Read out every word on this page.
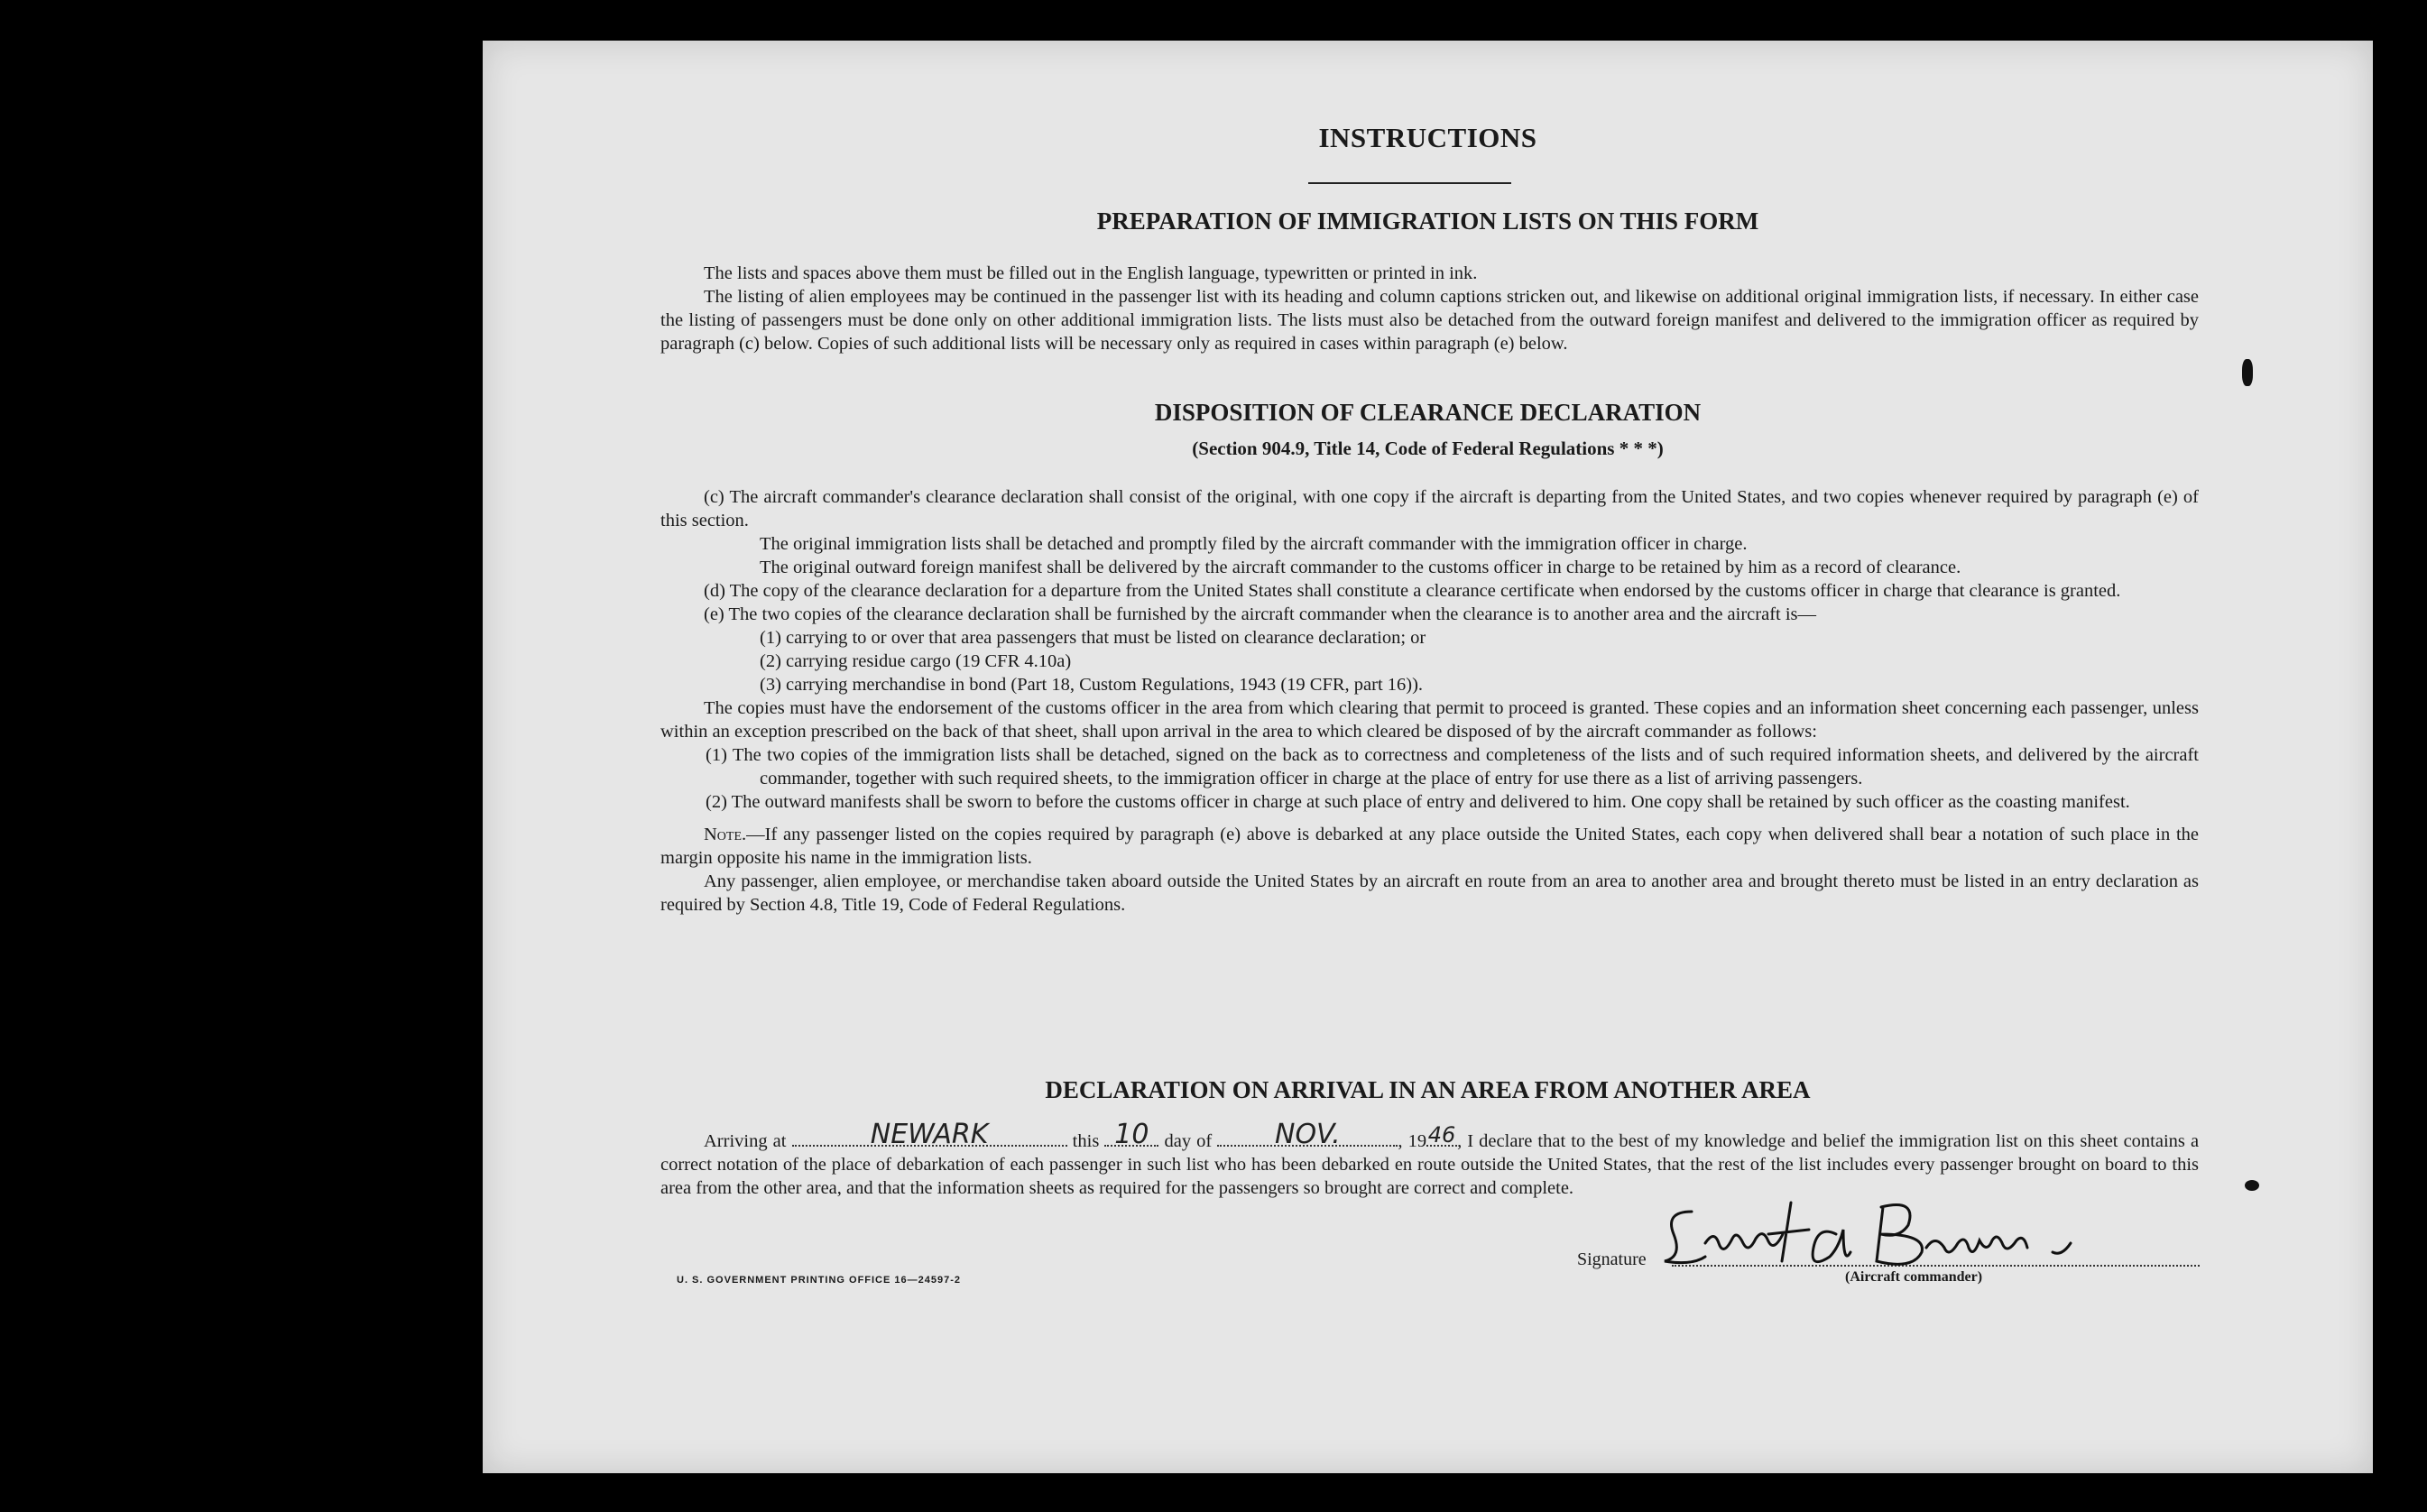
INSTRUCTIONS
PREPARATION OF IMMIGRATION LISTS ON THIS FORM

The lists and spaces above them must be filled out in the English language, typewritten or printed in ink.

The listing of alien employees may be continued in the passenger list with its heading and column captions stricken out, and likewise on additional original immigration lists, if necessary. In either case the listing of passengers must be done only on other additional immigration lists. The lists must also be detached from the outward foreign manifest and delivered to the immigration officer as required by paragraph (c) below. Copies of such additional lists will be necessary only as required in cases within paragraph (e) below.

DISPOSITION OF CLEARANCE DECLARATION
(Section 904.9, Title 14, Code of Federal Regulations * * *)

(c) The aircraft commander's clearance declaration shall consist of the original, with one copy if the aircraft is departing from the United States, and two copies whenever required by paragraph (e) of this section.

The original immigration lists shall be detached and promptly filed by the aircraft commander with the immigration officer in charge.

The original outward foreign manifest shall be delivered by the aircraft commander to the customs officer in charge to be retained by him as a record of clearance.

(d) The copy of the clearance declaration for a departure from the United States shall constitute a clearance certificate when endorsed by the customs officer in charge that clearance is granted.

(e) The two copies of the clearance declaration shall be furnished by the aircraft commander when the clearance is to another area and the aircraft is—

(1) carrying to or over that area passengers that must be listed on clearance declaration; or

(2) carrying residue cargo (19 CFR 4.10a)

(3) carrying merchandise in bond (Part 18, Custom Regulations, 1943 (19 CFR, part 16)).

The copies must have the endorsement of the customs officer in the area from which clearing that permit to proceed is granted. These copies and an information sheet concerning each passenger, unless within an exception prescribed on the back of that sheet, shall upon arrival in the area to which cleared be disposed of by the aircraft commander as follows:

(1) The two copies of the immigration lists shall be detached, signed on the back as to correctness and completeness of the lists and of such required information sheets, and delivered by the aircraft commander, together with such required sheets, to the immigration officer in charge at the place of entry for use there as a list of arriving passengers.

(2) The outward manifests shall be sworn to before the customs officer in charge at such place of entry and delivered to him. One copy shall be retained by such officer as the coasting manifest.

Note.—If any passenger listed on the copies required by paragraph (e) above is debarked at any place outside the United States, each copy when delivered shall bear a notation of such place in the margin opposite his name in the immigration lists.

Any passenger, alien employee, or merchandise taken aboard outside the United States by an aircraft en route from an area to another area and brought thereto must be listed in an entry declaration as required by Section 4.8, Title 19, Code of Federal Regulations.

DECLARATION ON ARRIVAL IN AN AREA FROM ANOTHER AREA
Arriving at	NEWARK	this 10 day of	NOV.	, 19 46 , I declare that to the best of my knowledge and belief the immigration list on this sheet contains a correct notation of the place of debarkation of each passenger in such list who has been debarked en route outside the United States, that the rest of the list includes every passenger brought on board to this area from the other area, and that the information sheets as required for the passengers so brought are correct and complete.
Signature
(Aircraft commander)
U. S. GOVERNMENT PRINTING OFFICE 16—24597-2
